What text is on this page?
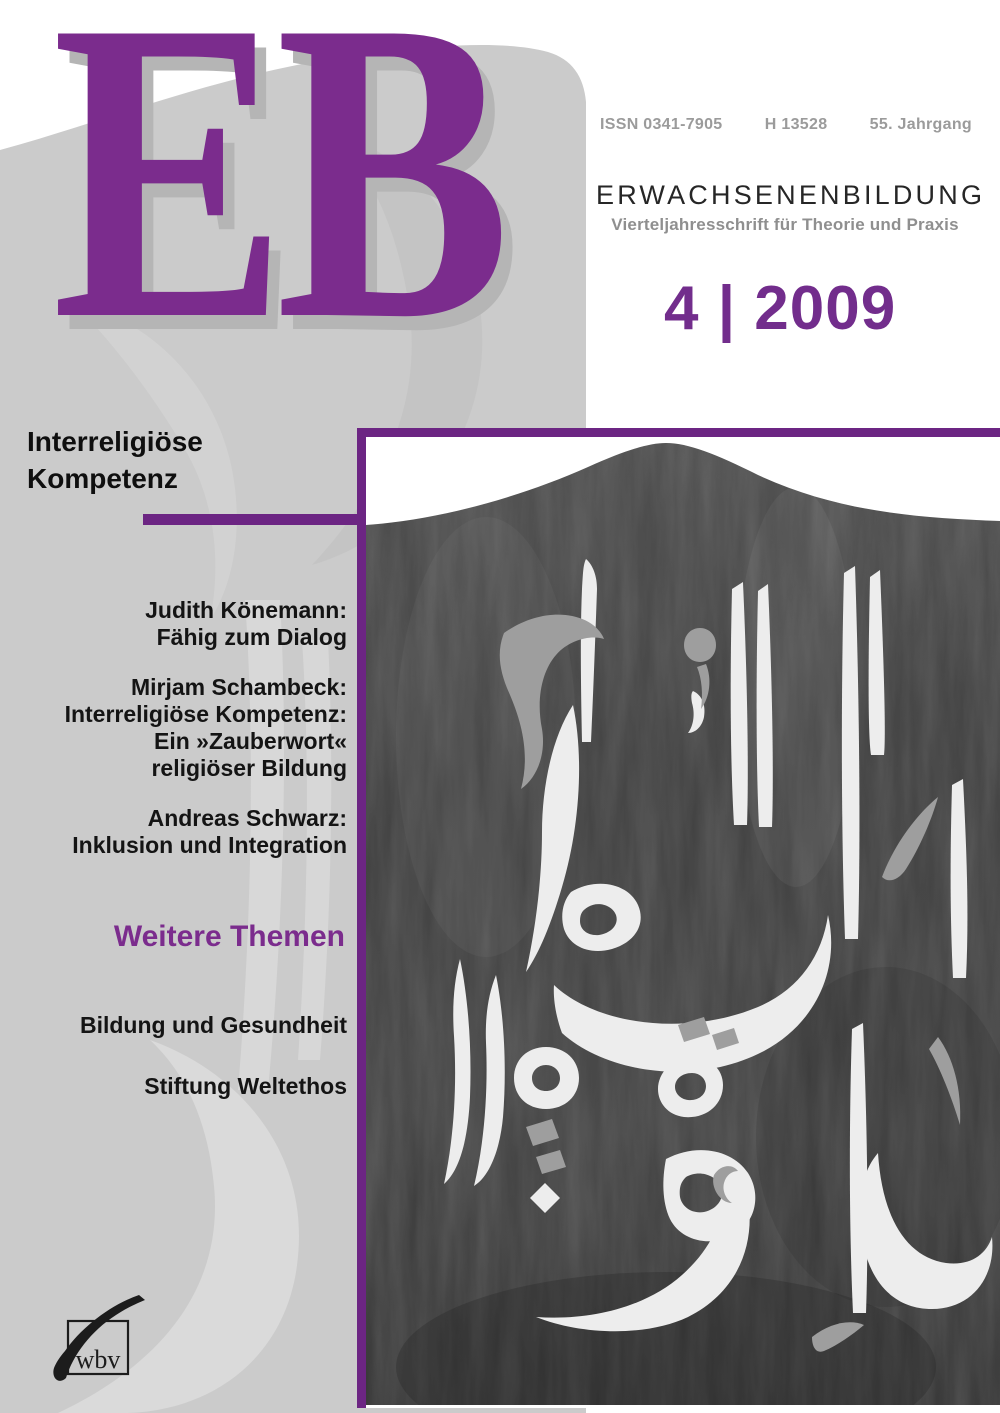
EB	ISSN 0341-7905	H 13528	55. Jahrgang
ERWACHSENENBILDUNG
Vierteljahresschrift für Theorie und Praxis
4 | 2009
Interreligiöse
Kompetenz
Judith Könemann:
Fähig zum Dialog
Mirjam Schambeck:
Interreligiöse Kompetenz:
Ein »Zauberwort«
religiöser Bildung
Andreas Schwarz:
Inklusion und Integration
Weitere Themen
Bildung und Gesundheit
Stiftung Weltethos
wbv
